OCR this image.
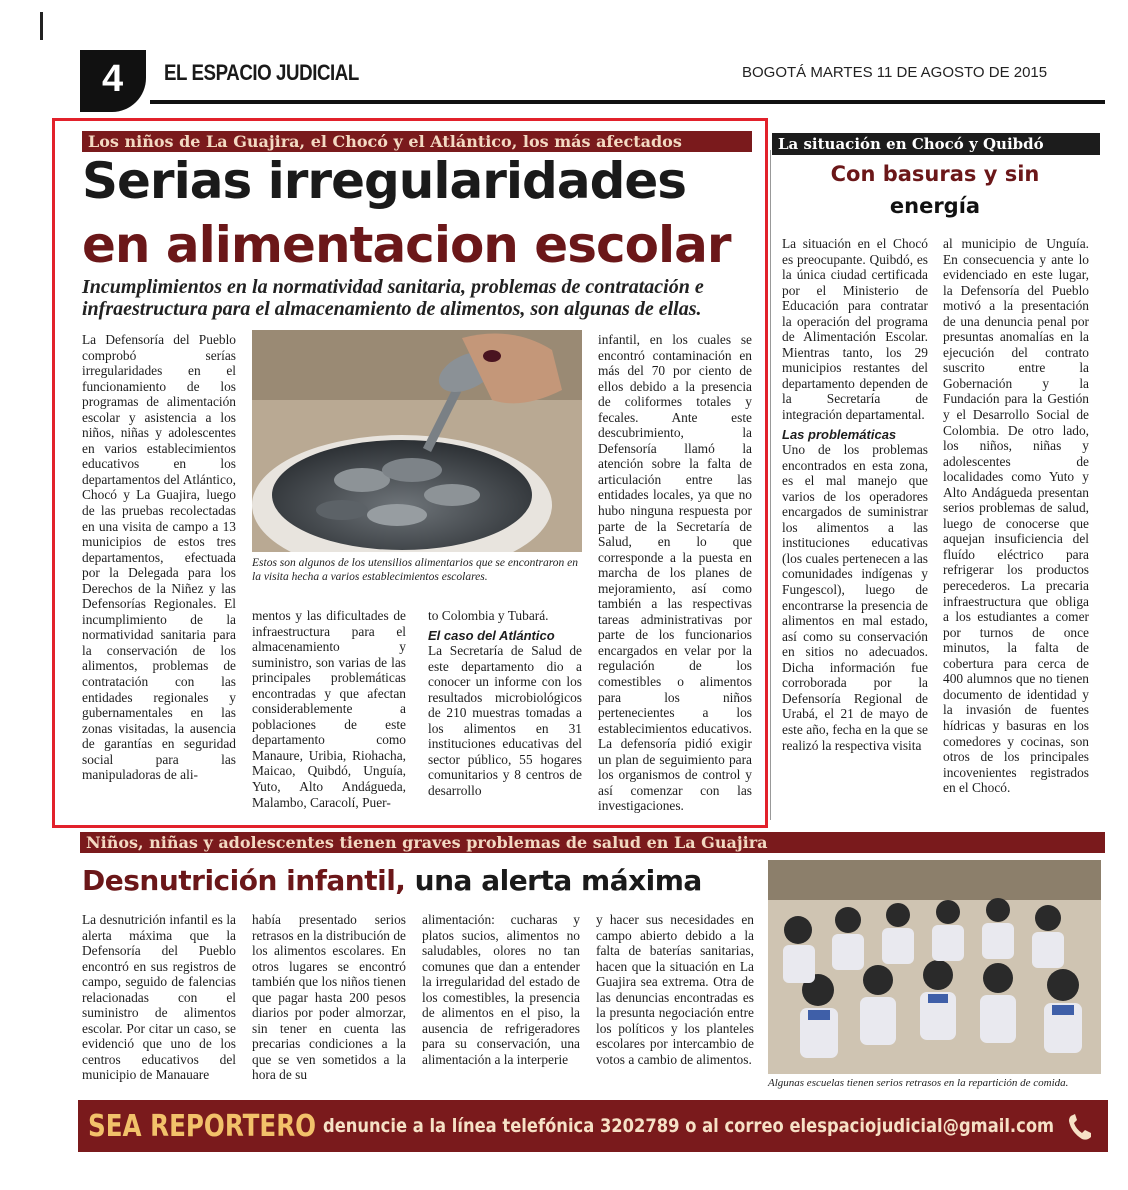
4	EL ESPACIO JUDICIAL	BOGOTÁ MARTES 11 DE AGOSTO DE 2015
Los niños de La Guajira, el Chocó y el Atlántico, los más afectados
Serias irregularidades
en alimentacion escolar
Incumplimientos en la normatividad sanitaria, problemas de contratación e infraestructura para el almacenamiento de alimentos, son algunas de ellas.
La Defensoría del Pueblo comprobó serías irregularidades en el funcionamiento de los programas de alimentación escolar y asistencia a los niños, niñas y adolescentes en varios establecimientos educativos en los departamentos del Atlántico, Chocó y La Guajira, luego de las pruebas recolectadas en una visita de campo a 13 municipios de estos tres departamentos, efectuada por la Delegada para los Derechos de la Niñez y las Defensorías Regionales. El incumplimiento de la normatividad sanitaria para la conservación de los alimentos, problemas de contratación con las entidades regionales y gubernamentales en las zonas visitadas, la ausencia de garantías en seguridad social para las manipuladoras de ali-
Estos son algunos de los utensilios alimentarios que se encontraron en la visita hecha a varios establecimientos escolares.
mentos y las dificultades de infraestructura para el almacenamiento y suministro, son varias de las principales problemáticas encontradas y que afectan considerablemente a poblaciones de este departamento como Manaure, Uribia, Riohacha, Maicao, Quibdó, Unguía, Yuto, Alto Andágueda, Malambo, Caracolí, Puer-

to Colombia y Tubará.

El caso del Atlántico

La Secretaría de Salud de este departamento dio a conocer un informe con los resultados microbiológicos de 210 muestras tomadas a los alimentos en 31 instituciones educativas del sector público, 55 hogares comunitarios y 8 centros de desarrollo

infantil, en los cuales se encontró contaminación en más del 70 por ciento de ellos debido a la presencia de coliformes totales y fecales. Ante este descubrimiento, la Defensoría llamó la atención sobre la falta de articulación entre las entidades locales, ya que no hubo ninguna respuesta por parte de la Secretaría de Salud, en lo que corresponde a la puesta en marcha de los planes de mejoramiento, así como también a las respectivas tareas administrativas por parte de los funcionarios encargados en velar por la regulación de los comestibles o alimentos para los niños pertenecientes a los establecimientos educativos. La defensoría pidió exigir un plan de seguimiento para los organismos de control y así comenzar con las investigaciones.
La situación en Chocó y Quibdó
Con basuras y sin
energía

La situación en el Chocó es preocupante. Quibdó, es la única ciudad certificada por el Ministerio de Educación para contratar la operación del programa de Alimentación Escolar. Mientras tanto, los 29 municipios restantes del departamento dependen de la Secretaría de integración departamental.

Las problemáticas

Uno de los problemas encontrados en esta zona, es el mal manejo que varios de los operadores encargados de suministrar los alimentos a las instituciones educativas (los cuales pertenecen a las comunidades indígenas y Fungescol), luego de encontrarse la presencia de alimentos en mal estado, así como su conservación en sitios no adecuados. Dicha información fue corroborada por la Defensoría Regional de Urabá, el 21 de mayo de este año, fecha en la que se realizó la respectiva visita

al municipio de Unguía. En consecuencia y ante lo evidenciado en este lugar, la Defensoría del Pueblo motivó a la presentación de una denuncia penal por presuntas anomalías en la ejecución del contrato suscrito entre la Gobernación y la Fundación para la Gestión y el Desarrollo Social de Colombia. De otro lado, los niños, niñas y adolescentes de localidades como Yuto y Alto Andágueda presentan serios problemas de salud, luego de conocerse que aquejan insuficiencia del fluído eléctrico para refrigerar los productos perecederos. La precaria infraestructura que obliga a los estudiantes a comer por turnos de once minutos, la falta de cobertura para cerca de 400 alumnos que no tienen documento de identidad y la invasión de fuentes hídricas y basuras en los comedores y cocinas, son otros de los principales incovenientes registrados en el Chocó.
Niños, niñas y adolescentes tienen graves problemas de salud en La Guajira
Desnutrición infantil, una alerta máxima
La desnutrición infantil es la alerta máxima que la Defensoría del Pueblo encontró en sus registros de campo, seguido de falencias relacionadas con el suministro de alimentos escolar. Por citar un caso, se evidenció que uno de los centros educativos del municipio de Manauare
había presentado serios retrasos en la distribución de los alimentos escolares. En otros lugares se encontró también que los niños tienen que pagar hasta 200 pesos diarios por poder almorzar, sin tener en cuenta las precarias condiciones a la que se ven sometidos a la hora de su
alimentación: cucharas y platos sucios, alimentos no saludables, olores no tan comunes que dan a entender la irregularidad del estado de los comestibles, la presencia de alimentos en el piso, la ausencia de refrigeradores para su conservación, una alimentación a la interperie
y hacer sus necesidades en campo abierto debido a la falta de baterías sanitarias, hacen que la situación en La Guajira sea extrema. Otra de las denuncias encontradas es la presunta negociación entre los políticos y los planteles escolares por intercambio de votos a cambio de alimentos.
Algunas escuelas tienen serios retrasos en la repartición de comida.
SEA REPORTERO denuncie a la línea telefónica 3202789 o al correo elespaciojudicial@gmail.com
